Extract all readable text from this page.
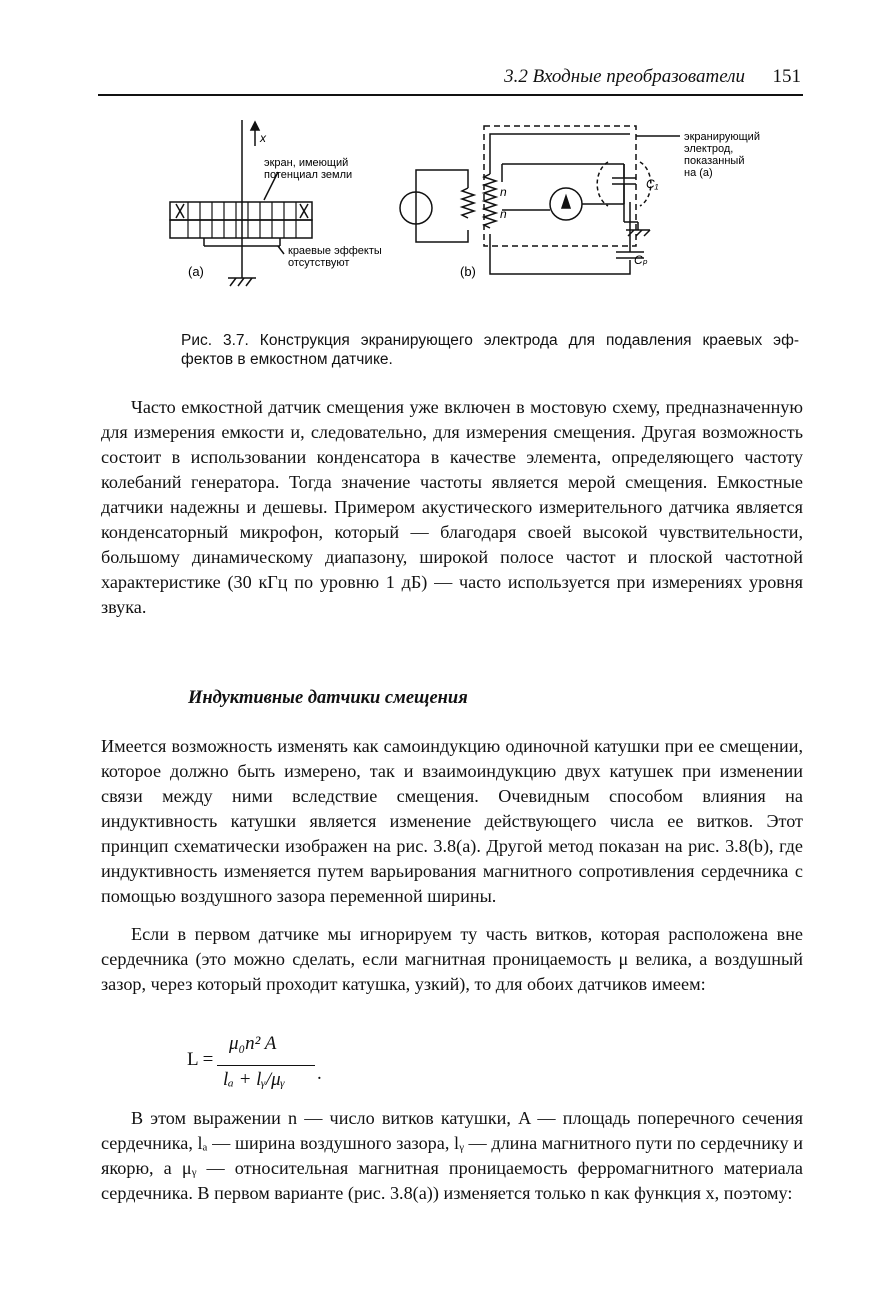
3.2 Входные преобразователи 151
x
экран, имеющий
потенциал земли
краевые эффекты
отсутствуют
(a)
n
n
C₁
Cₚ
экранирующий
электрод,
показанный
на (а)
(b)
Рис. 3.7. Конструкция экранирующего электрода для подавления краевых эф-
фектов в емкостном датчике.

Часто емкостной датчик смещения уже включен в мостовую схему, предназначенную для измерения емкости и, следовательно, для измерения смещения. Другая возможность состоит в использовании конденсатора в качестве элемента, определяющего частоту колебаний генератора. Тогда значение частоты является мерой смещения. Емкостные датчики надежны и дешевы. Примером акустического измерительного датчика является конденсаторный микрофон, который — благодаря своей высокой чувствительности, большому динамическому диапазону, широкой полосе частот и плоской частотной характеристике (30 кГц по уровню 1 дБ) — часто используется при измерениях уровня звука.

Индуктивные датчики смещения

Имеется возможность изменять как самоиндукцию одиночной катушки при ее смещении, которое должно быть измерено, так и взаимоиндукцию двух катушек при изменении связи между ними вследствие смещения. Очевидным способом влияния на индуктивность катушки является изменение действующего числа ее витков. Этот принцип схематически изображен на рис. 3.8(а). Другой метод показан на рис. 3.8(b), где индуктивность изменяется путем варьирования магнитного сопротивления сердечника с помощью воздушного зазора переменной ширины.

Если в первом датчике мы игнорируем ту часть витков, которая расположена вне сердечника (это можно сделать, если магнитная проницаемость μ велика, а воздушный зазор, через который проходит катушка, узкий), то для обоих датчиков имеем:

L =
μ₀n² A
lₐ + lᵧ/μᵧ .

В этом выражении n — число витков катушки, A — площадь поперечного сечения сердечника, lₐ — ширина воздушного зазора, lᵧ — длина магнитного пути по сердечнику и якорю, а μᵧ — относительная магнитная проницаемость ферромагнитного материала сердечника. В первом варианте (рис. 3.8(а)) изменяется только n как функция x, поэтому:
